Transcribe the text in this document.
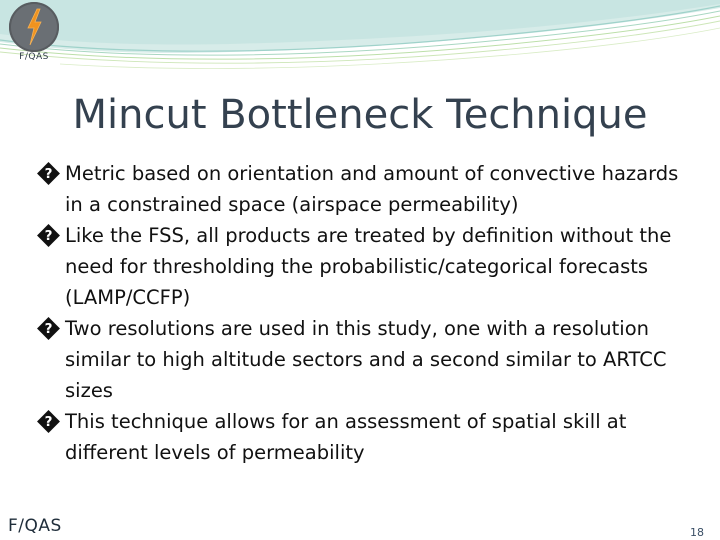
F/QAS
Mincut Bottleneck Technique
? Metric based on orientation and amount of convective hazards in a constrained space (airspace permeability)
? Like the FSS, all products are treated by definition without the need for thresholding the probabilistic/categorical forecasts (LAMP/CCFP)
? Two resolutions are used in this study, one with a resolution similar to high altitude sectors and a second similar to ARTCC sizes
? This technique allows for an assessment of spatial skill at different levels of permeability
F/QAS	18
